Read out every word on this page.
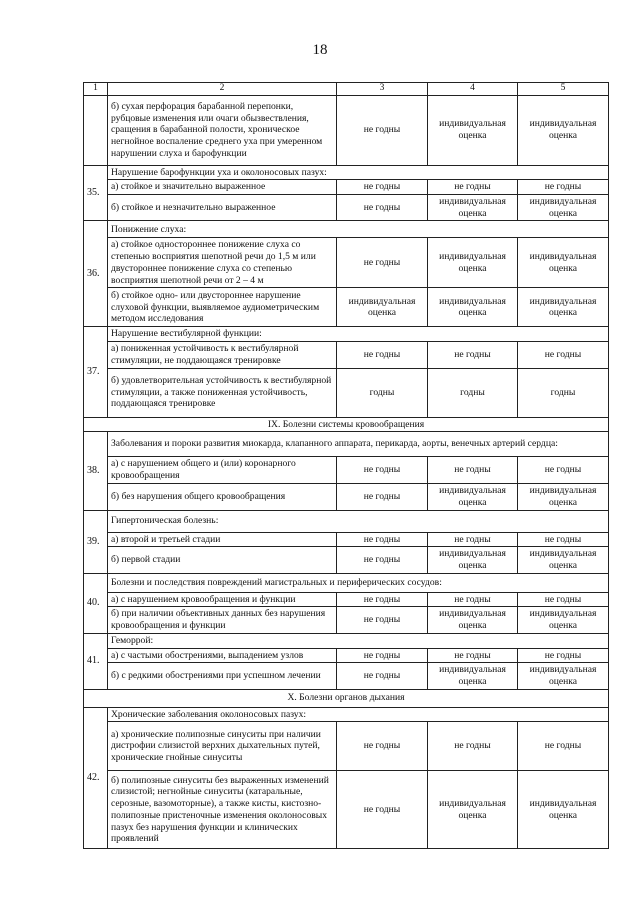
18
1	2	3	4	5
	б) сухая перфорация барабанной перепонки, рубцовые изменения или очаги обызвествления, сращения в барабанной полости, хроническое негнойное воспаление среднего уха при умеренном нарушении слуха и барофункции	не годны	индивидуальная оценка	индивидуальная оценка
35.	Нарушение барофункции уха и околоносовых пазух:			
	а) стойкое и значительно выраженное	не годны	не годны	не годны
	б) стойкое и незначительно выраженное	не годны	индивидуальная оценка	индивидуальная оценка
36.	Понижение слуха:			
	а) стойкое одностороннее понижение слуха со степенью восприятия шепотной речи до 1,5 м или двустороннее понижение слуха со степенью восприятия шепотной речи от 2 – 4 м	не годны	индивидуальная оценка	индивидуальная оценка
	б) стойкое одно- или двустороннее нарушение слуховой функции, выявляемое аудиометрическим методом исследования	индивидуальная оценка	индивидуальная оценка	индивидуальная оценка
37.	Нарушение вестибулярной функции:			
	а) пониженная устойчивость к вестибулярной стимуляции, не поддающаяся тренировке	не годны	не годны	не годны
	б) удовлетворительная устойчивость к вестибулярной стимуляции, а также пониженная устойчивость, поддающаяся тренировке	годны	годны	годны
IX. Болезни системы кровообращения				
38.	Заболевания и пороки развития миокарда, клапанного аппарата, перикарда, аорты, венечных артерий сердца:			
	а) с нарушением общего и (или) коронарного кровообращения	не годны	не годны	не годны
	б) без нарушения общего кровообращения	не годны	индивидуальная оценка	индивидуальная оценка
39.	Гипертоническая болезнь:			
	а) второй и третьей стадии	не годны	не годны	не годны
	б) первой стадии	не годны	индивидуальная оценка	индивидуальная оценка
40.	Болезни и последствия повреждений магистральных и периферических сосудов:			
	а) с нарушением кровообращения и функции	не годны	не годны	не годны
	б) при наличии объективных данных без нарушения кровообращения и функции	не годны	индивидуальная оценка	индивидуальная оценка
41.	Геморрой:			
	а) с частыми обострениями, выпадением узлов	не годны	не годны	не годны
	б) с редкими обострениями при успешном лечении	не годны	индивидуальная оценка	индивидуальная оценка
X. Болезни органов дыхания				
42.	Хронические заболевания околоносовых пазух:			
	а) хронические полипозные синуситы при наличии дистрофии слизистой верхних дыхательных путей, хронические гнойные синуситы	не годны	не годны	не годны
	б) полипозные синуситы без выраженных изменений слизистой; негнойные синуситы (катаральные, серозные, вазомоторные), а также кисты, кистозно-полипозные пристеночные изменения околоносовых пазух без нарушения функции и клинических проявлений	не годны	индивидуальная оценка	индивидуальная оценка
